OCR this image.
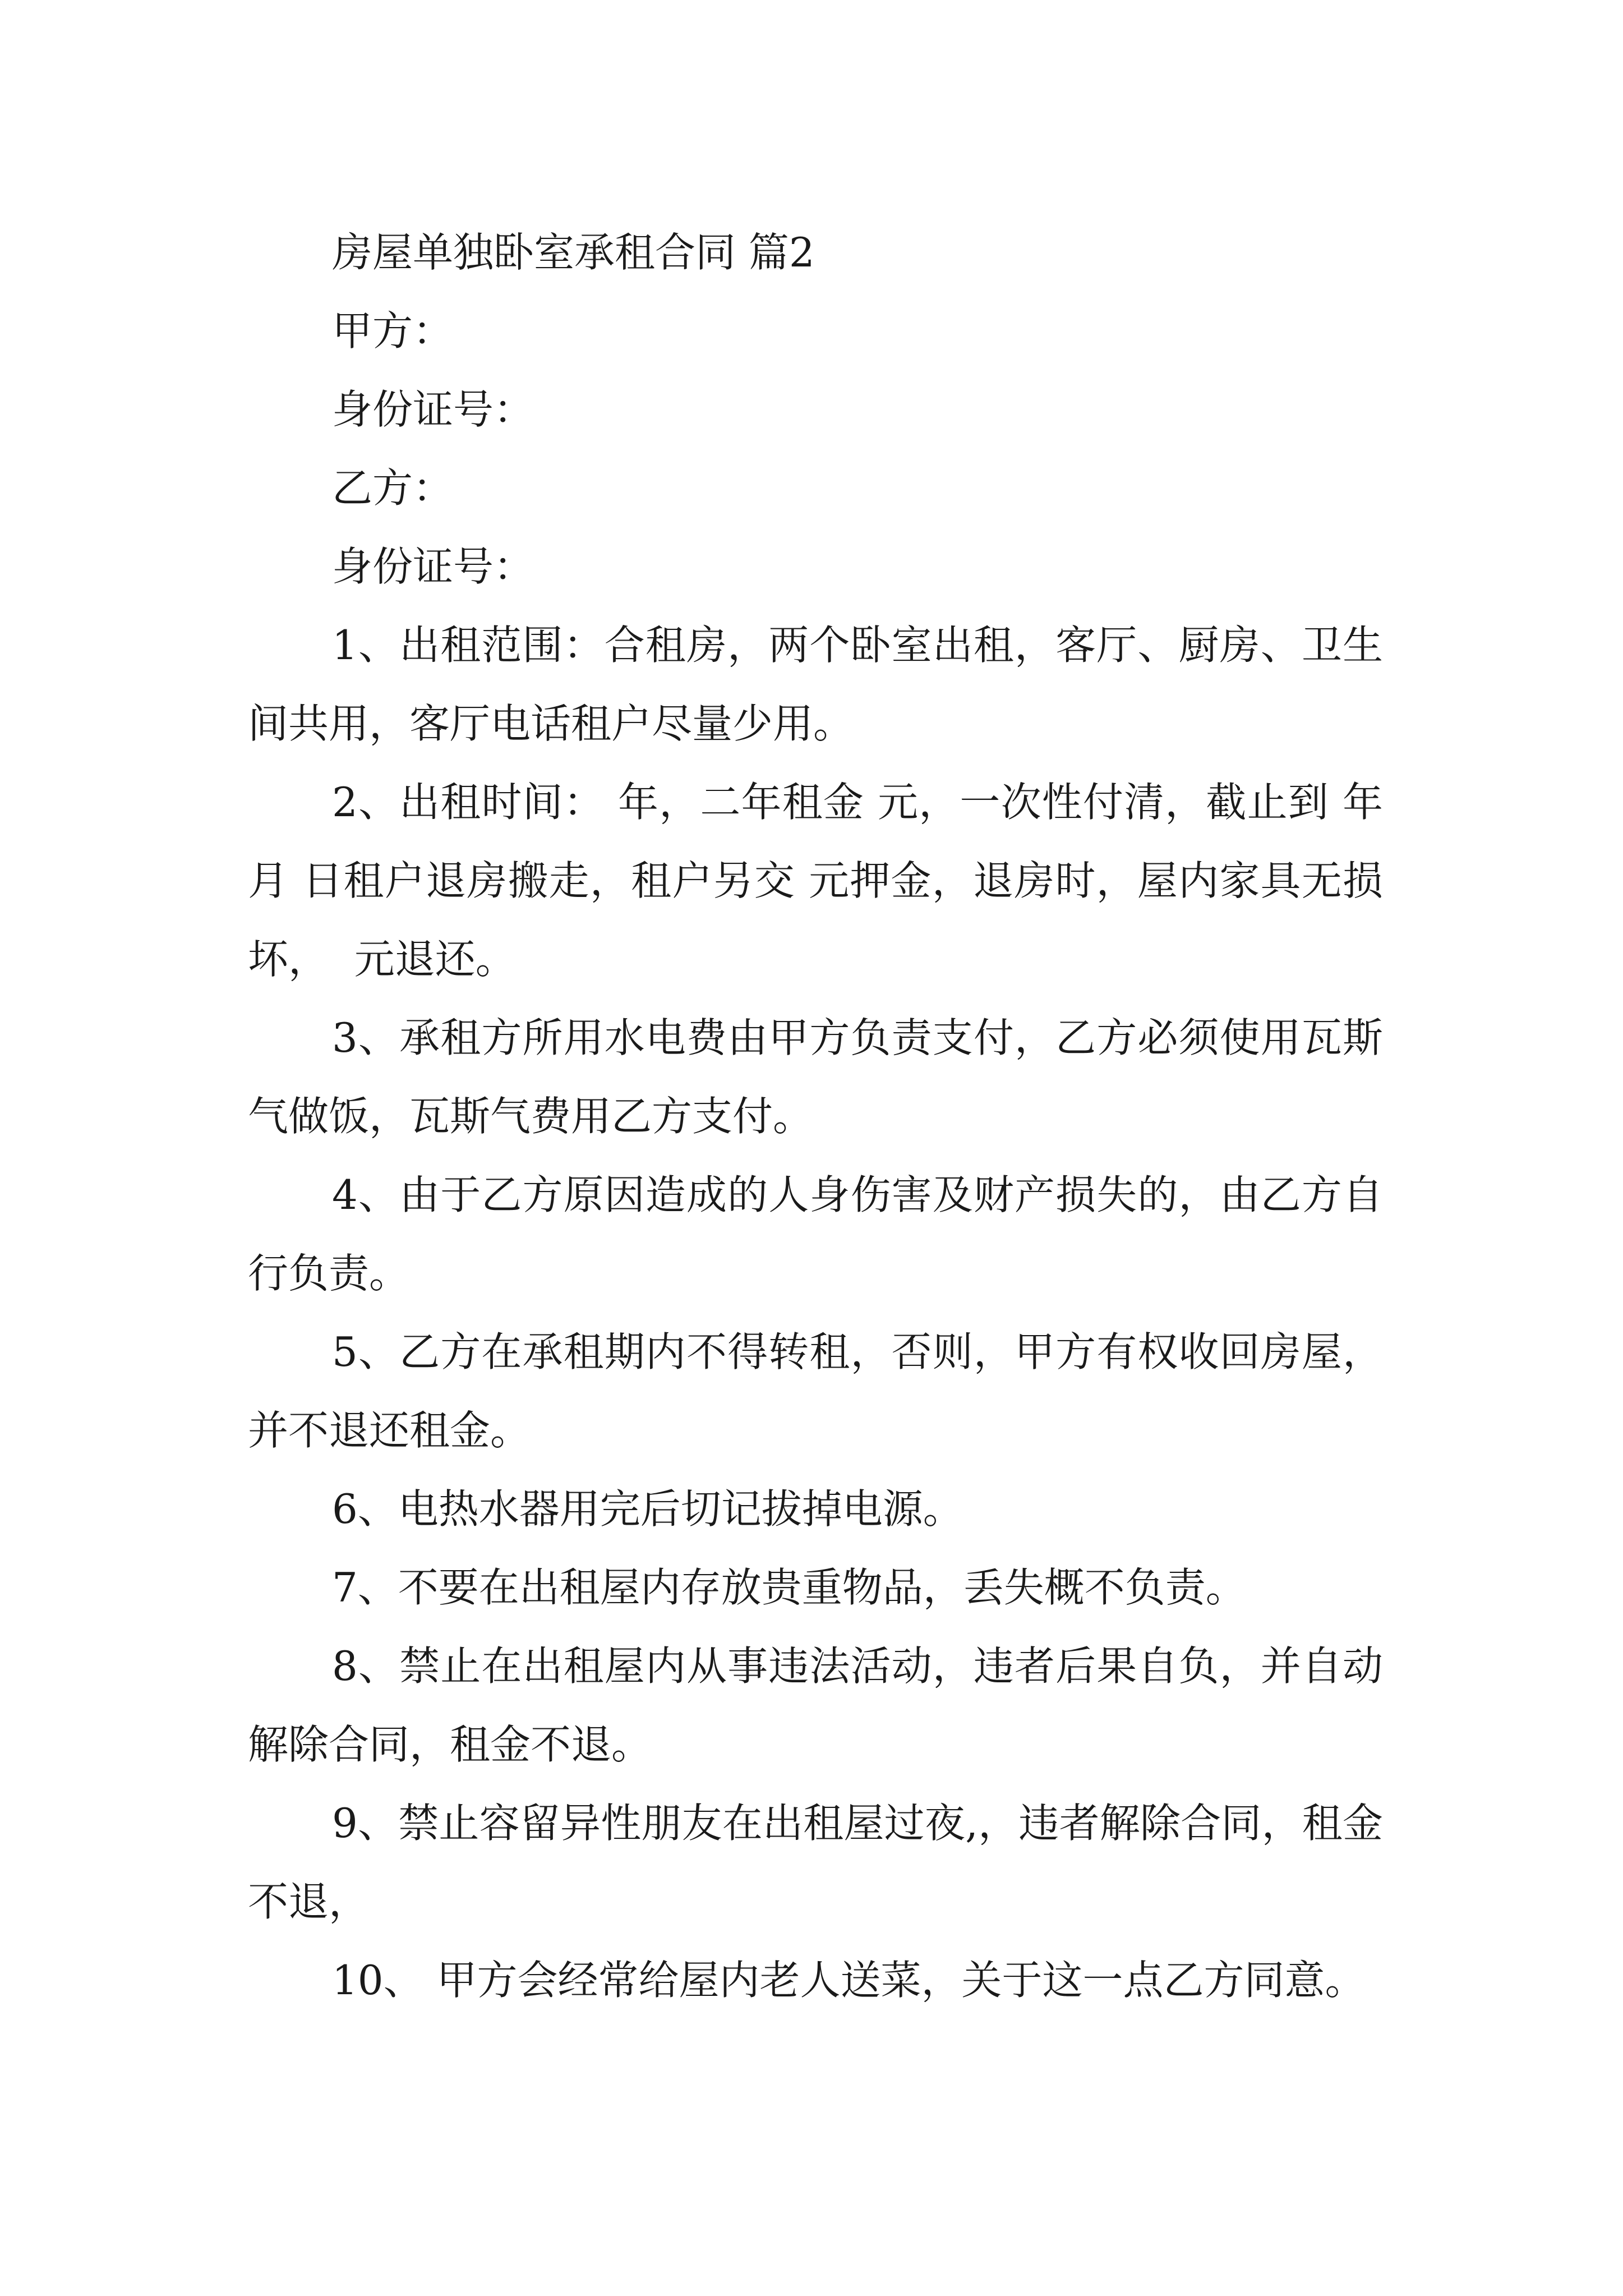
房屋单独卧室承租合同 篇2

甲方：

身份证号：

乙方：

身份证号：

1、出租范围：合租房，两个卧室出租，客厅、厨房、卫生间共用，客厅电话租户尽量少用。

2、出租时间： 年，二年租金 元，一次性付清，截止到 年 月 日租户退房搬走，租户另交 元押金，退房时，屋内家具无损坏，  元退还。

3、承租方所用水电费由甲方负责支付，乙方必须使用瓦斯气做饭，瓦斯气费用乙方支付。

4、由于乙方原因造成的人身伤害及财产损失的，由乙方自行负责。

5、乙方在承租期内不得转租，否则，甲方有权收回房屋，并不退还租金。

6、电热水器用完后切记拔掉电源。

7、不要在出租屋内存放贵重物品，丢失概不负责。

8、禁止在出租屋内从事违法活动，违者后果自负，并自动解除合同，租金不退。

9、禁止容留异性朋友在出租屋过夜,，违者解除合同，租金不退，

10、 甲方会经常给屋内老人送菜，关于这一点乙方同意。
